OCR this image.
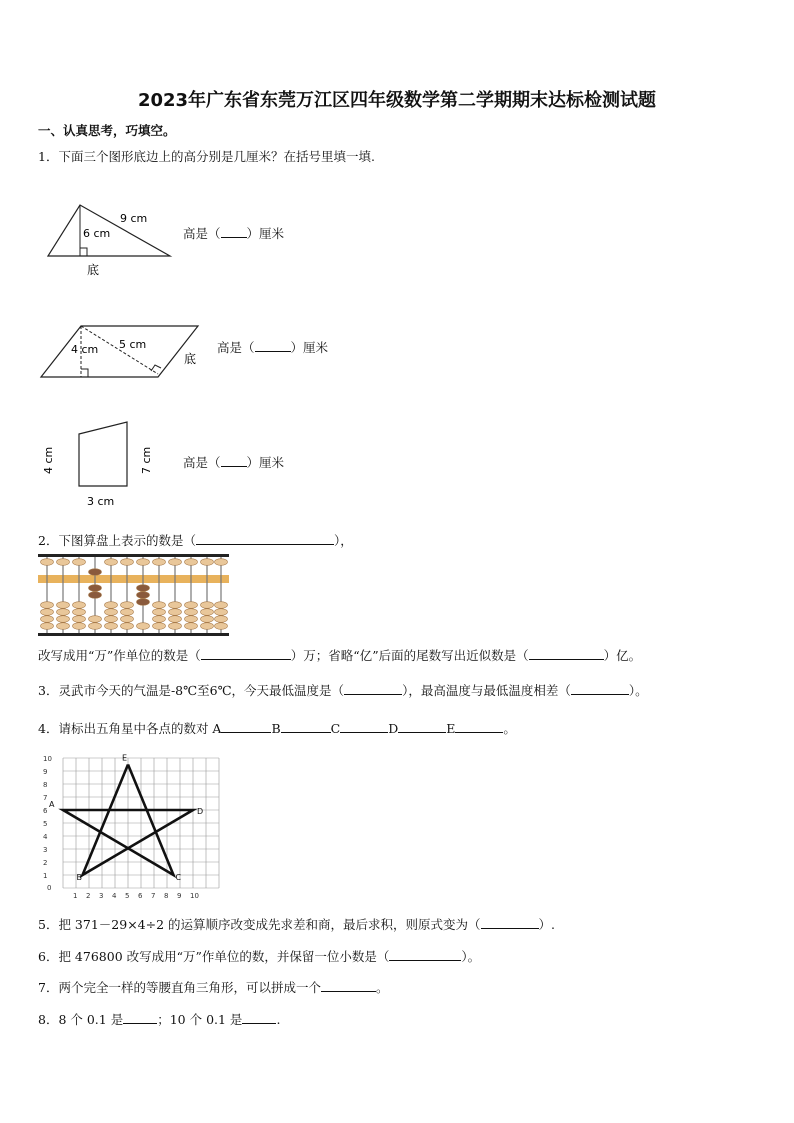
2023年广东省东莞万江区四年级数学第二学期期末达标检测试题
一、认真思考，巧填空。
1．下面三个图形底边上的高分别是几厘米？在括号里填一填.
9 cm
6 cm
底
高是（ ）厘米
5 cm
4 cm
底
高是（	）厘米
4 cm	7 cm
3 cm
高是（ ）厘米
2．下图算盘上表示的数是（	），
改写成用“万”作单位的数是（	）万；省略“亿”后面的尾数写出近似数是（	）亿。
3．灵武市今天的气温是-8℃至6℃，今天最低温度是（	），最高温度与最低温度相差（	）。
4．请标出五角星中各点的数对 A	B	C	D	E	。
0
1 2 3 4 5 6 7 8 9 10
1
2
3
4
5
6
7
8
9
10
A
D
E
B	C
5．把 371－29×4÷2 的运算顺序改变成先求差和商，最后求积，则原式变为（	）.
6．把 476800 改写成用“万”作单位的数，并保留一位小数是（	）。
7．两个完全一样的等腰直角三角形，可以拼成一个	。
8．8 个 0.1 是	；10 个 0.1 是	.
